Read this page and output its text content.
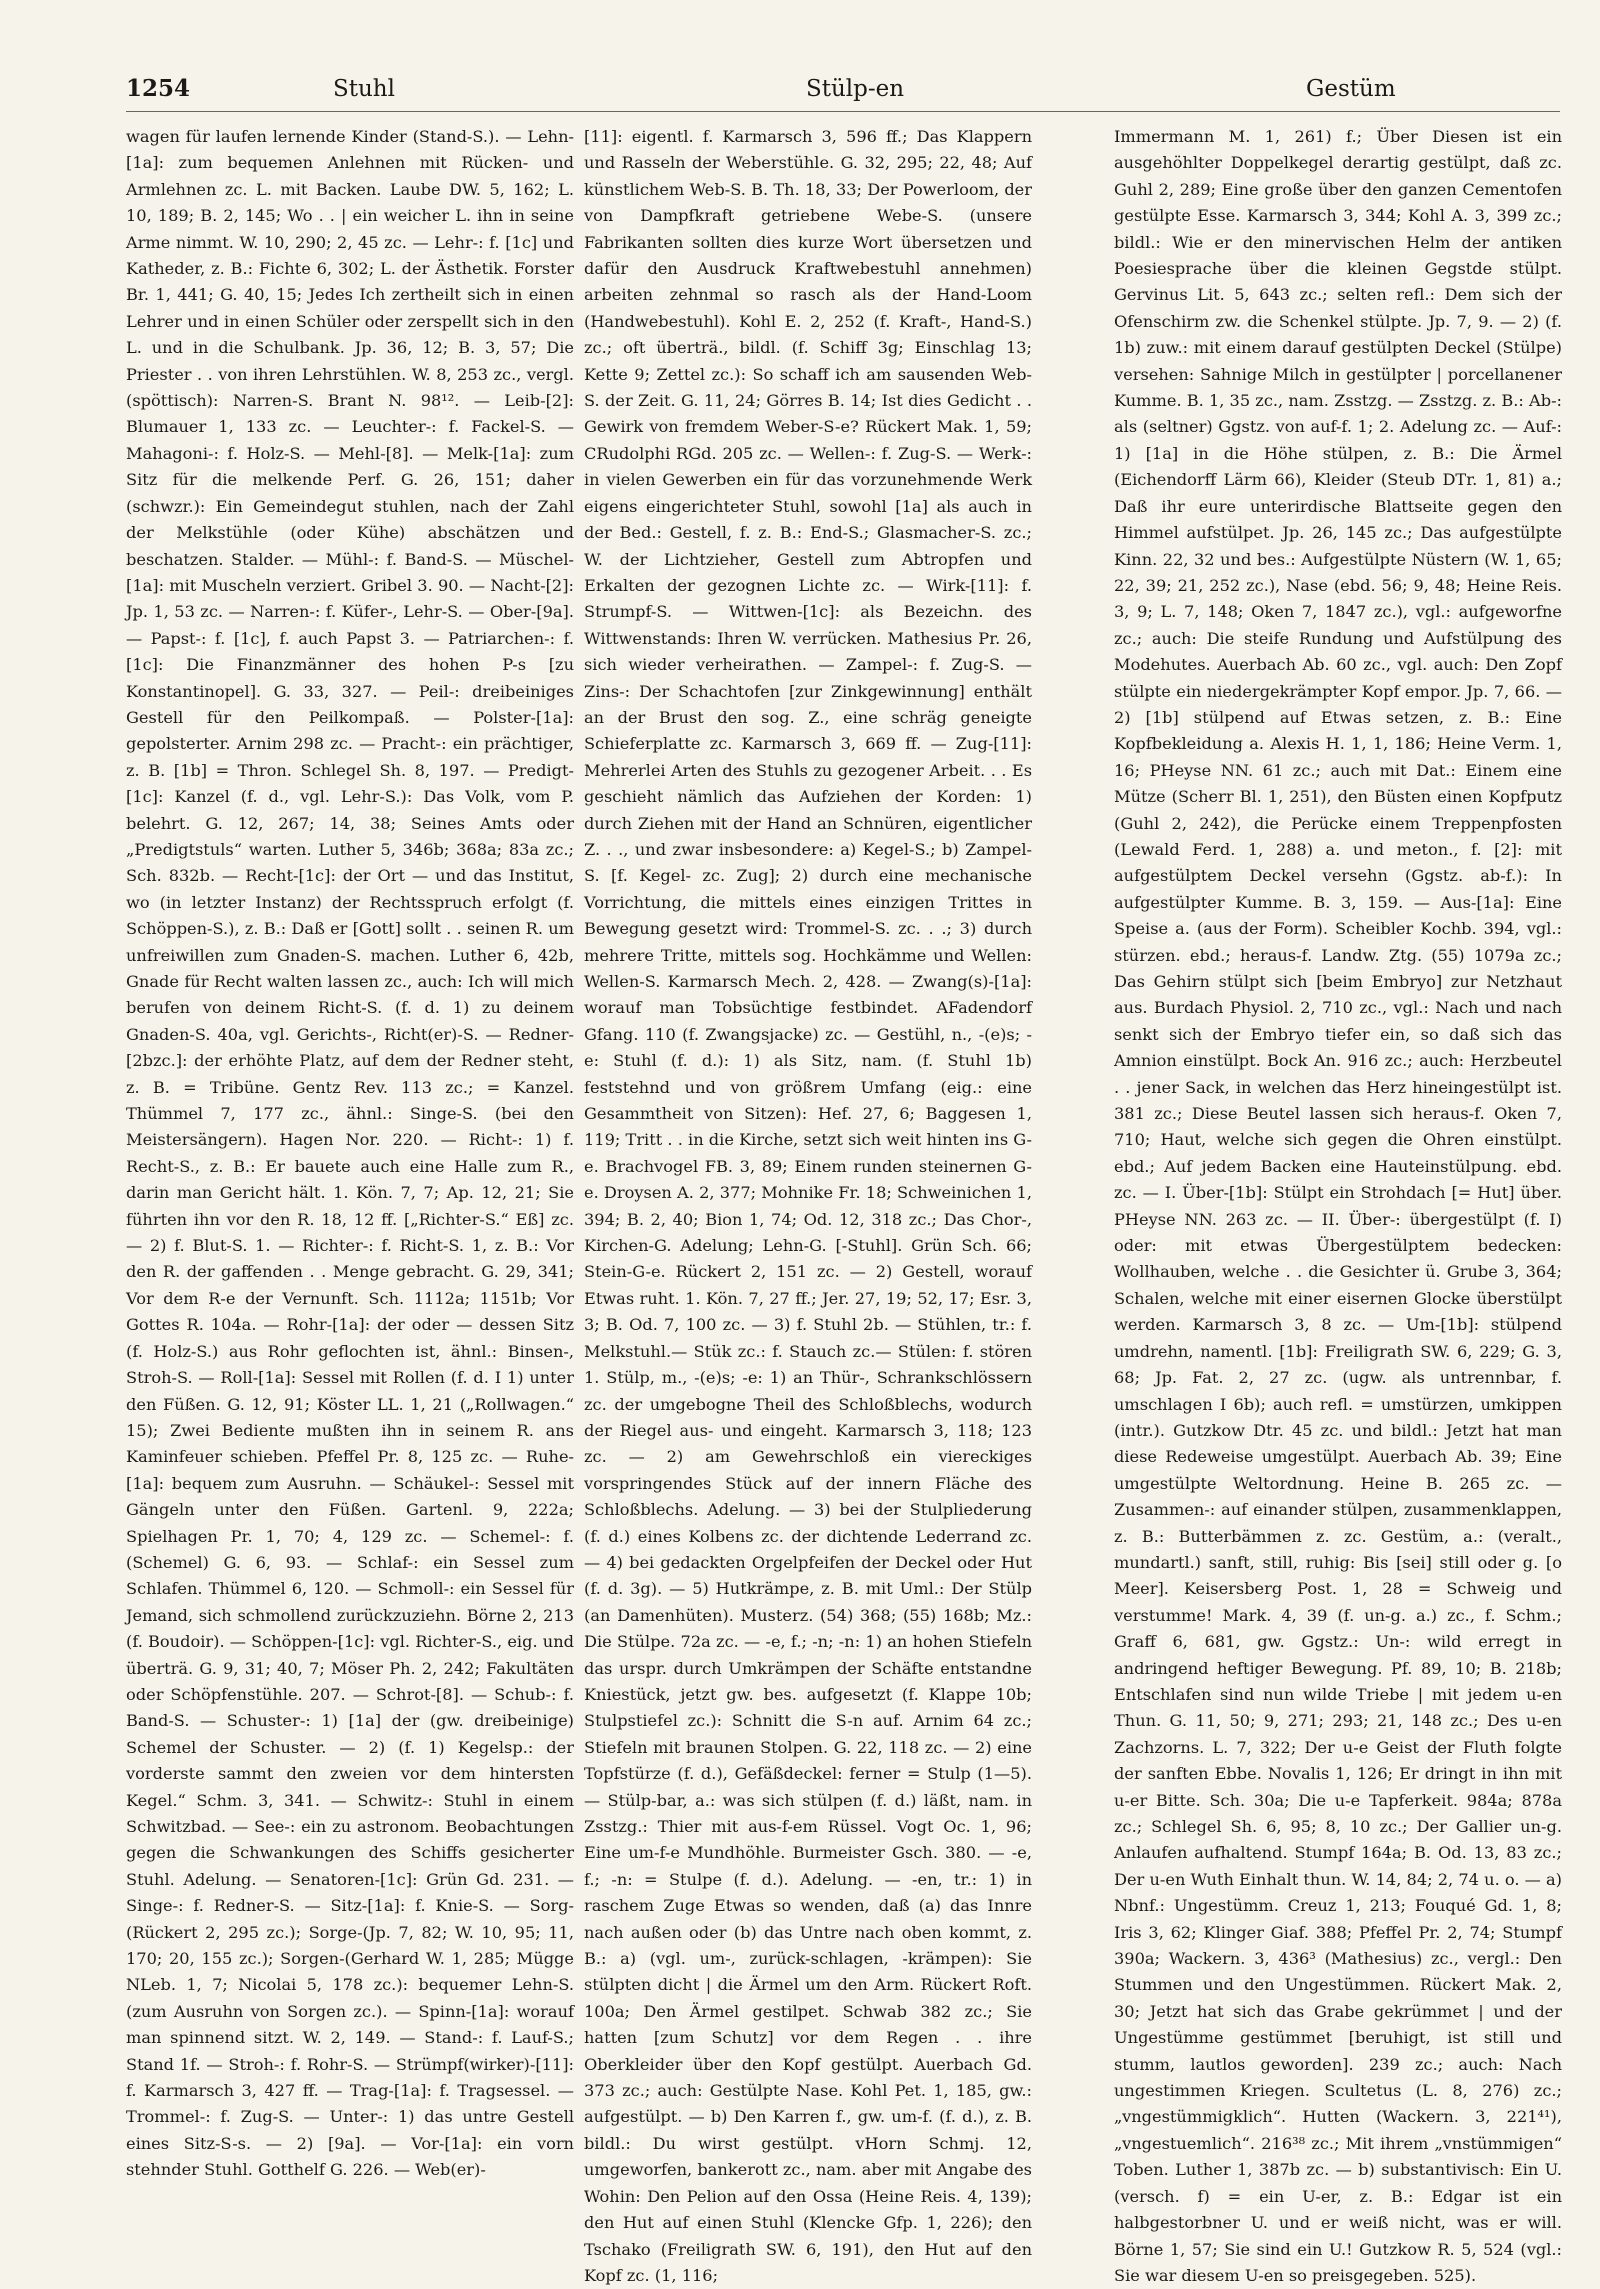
1254	Stuhl	Stülp-en	Gestüm

wagen für laufen lernende Kinder (Stand-S.). — Lehn-[1a]: zum bequemen Anlehnen mit Rücken- und Armlehnen zc. L. mit Backen. Laube DW. 5, 162; L. 10, 189; B. 2, 145; Wo . . | ein weicher L. ihn in seine Arme nimmt. W. 10, 290; 2, 45 zc. — Lehr-: f. [1c] und Katheder, z. B.: Fichte 6, 302; L. der Ästhetik. Forster Br. 1, 441; G. 40, 15; Jedes Ich zertheilt sich in einen Lehrer und in einen Schüler oder zerspellt sich in den L. und in die Schulbank. Jp. 36, 12; B. 3, 57; Die Priester . . von ihren Lehrstühlen. W. 8, 253 zc., vergl. (spöttisch): Narren-S. Brant N. 98¹². — Leib-[2]: Blumauer 1, 133 zc. — Leuchter-: f. Fackel-S. — Mahagoni-: f. Holz-S. — Mehl-[8]. — Melk-[1a]: zum Sitz für die melkende Perf. G. 26, 151; daher (schwzr.): Ein Gemeindegut stuhlen, nach der Zahl der Melkstühle (oder Kühe) abschätzen und beschatzen. Stalder. — Mühl-: f. Band-S. — Müschel-[1a]: mit Muscheln verziert. Gribel 3. 90. — Nacht-[2]: Jp. 1, 53 zc. — Narren-: f. Küfer-, Lehr-S. — Ober-[9a]. — Papst-: f. [1c], f. auch Papst 3. — Patriarchen-: f. [1c]: Die Finanzmänner des hohen P-s [zu Konstantinopel]. G. 33, 327. — Peil-: dreibeiniges Gestell für den Peilkompaß. — Polster-[1a]: gepolsterter. Arnim 298 zc. — Pracht-: ein prächtiger, z. B. [1b] = Thron. Schlegel Sh. 8, 197. — Predigt-[1c]: Kanzel (f. d., vgl. Lehr-S.): Das Volk, vom P. belehrt. G. 12, 267; 14, 38; Seines Amts oder „Predigtstuls“ warten. Luther 5, 346b; 368a; 83a zc.; Sch. 832b. — Recht-[1c]: der Ort — und das Institut, wo (in letzter Instanz) der Rechtsspruch erfolgt (f. Schöppen-S.), z. B.: Daß er [Gott] sollt . . seinen R. um unfreiwillen zum Gnaden-S. machen. Luther 6, 42b, Gnade für Recht walten lassen zc., auch: Ich will mich berufen von deinem Richt-S. (f. d. 1) zu deinem Gnaden-S. 40a, vgl. Gerichts-, Richt(er)-S. — Redner-[2bzc.]: der erhöhte Platz, auf dem der Redner steht, z. B. = Tribüne. Gentz Rev. 113 zc.; = Kanzel. Thümmel 7, 177 zc., ähnl.: Singe-S. (bei den Meistersängern). Hagen Nor. 220. — Richt-: 1) f. Recht-S., z. B.: Er bauete auch eine Halle zum R., darin man Gericht hält. 1. Kön. 7, 7; Ap. 12, 21; Sie führten ihn vor den R. 18, 12 ff. [„Richter-S.“ Eß] zc. — 2) f. Blut-S. 1. — Richter-: f. Richt-S. 1, z. B.: Vor den R. der gaffenden . . Menge gebracht. G. 29, 341; Vor dem R-e der Vernunft. Sch. 1112a; 1151b; Vor Gottes R. 104a. — Rohr-[1a]: der oder — dessen Sitz (f. Holz-S.) aus Rohr geflochten ist, ähnl.: Binsen-, Stroh-S. — Roll-[1a]: Sessel mit Rollen (f. d. I 1) unter den Füßen. G. 12, 91; Köster LL. 1, 21 („Rollwagen.“ 15); Zwei Bediente mußten ihn in seinem R. ans Kaminfeuer schieben. Pfeffel Pr. 8, 125 zc. — Ruhe-[1a]: bequem zum Ausruhn. — Schäukel-: Sessel mit Gängeln unter den Füßen. Gartenl. 9, 222a; Spielhagen Pr. 1, 70; 4, 129 zc. — Schemel-: f. (Schemel) G. 6, 93. — Schlaf-: ein Sessel zum Schlafen. Thümmel 6, 120. — Schmoll-: ein Sessel für Jemand, sich schmollend zurückzuziehn. Börne 2, 213 (f. Boudoir). — Schöppen-[1c]: vgl. Richter-S., eig. und überträ. G. 9, 31; 40, 7; Möser Ph. 2, 242; Fakultäten oder Schöpfenstühle. 207. — Schrot-[8]. — Schub-: f. Band-S. — Schuster-: 1) [1a] der (gw. dreibeinige) Schemel der Schuster. — 2) (f. 1) Kegelsp.: der vorderste sammt den zweien vor dem hintersten Kegel.“ Schm. 3, 341. — Schwitz-: Stuhl in einem Schwitzbad. — See-: ein zu astronom. Beobachtungen gegen die Schwankungen des Schiffs gesicherter Stuhl. Adelung. — Senatoren-[1c]: Grün Gd. 231. — Singe-: f. Redner-S. — Sitz-[1a]: f. Knie-S. — Sorg-(Rückert 2, 295 zc.); Sorge-(Jp. 7, 82; W. 10, 95; 11, 170; 20, 155 zc.); Sorgen-(Gerhard W. 1, 285; Mügge NLeb. 1, 7; Nicolai 5, 178 zc.): bequemer Lehn-S. (zum Ausruhn von Sorgen zc.). — Spinn-[1a]: worauf man spinnend sitzt. W. 2, 149. — Stand-: f. Lauf-S.; Stand 1f. — Stroh-: f. Rohr-S. — Strümpf(wirker)-[11]: f. Karmarsch 3, 427 ff. — Trag-[1a]: f. Tragsessel. — Trommel-: f. Zug-S. — Unter-: 1) das untre Gestell eines Sitz-S-s. — 2) [9a]. — Vor-[1a]: ein vorn stehnder Stuhl. Gotthelf G. 226. — Web(er)-

[11]: eigentl. f. Karmarsch 3, 596 ff.; Das Klappern und Rasseln der Weberstühle. G. 32, 295; 22, 48; Auf künstlichem Web-S. B. Th. 18, 33; Der Powerloom, der von Dampfkraft getriebene Webe-S. (unsere Fabrikanten sollten dies kurze Wort übersetzen und dafür den Ausdruck Kraftwebestuhl annehmen) arbeiten zehnmal so rasch als der Hand-Loom (Handwebestuhl). Kohl E. 2, 252 (f. Kraft-, Hand-S.) zc.; oft überträ., bildl. (f. Schiff 3g; Einschlag 13; Kette 9; Zettel zc.): So schaff ich am sausenden Web-S. der Zeit. G. 11, 24; Görres B. 14; Ist dies Gedicht . . Gewirk von fremdem Weber-S-e? Rückert Mak. 1, 59; CRudolphi RGd. 205 zc. — Wellen-: f. Zug-S. — Werk-: in vielen Gewerben ein für das vorzunehmende Werk eigens eingerichteter Stuhl, sowohl [1a] als auch in der Bed.: Gestell, f. z. B.: End-S.; Glasmacher-S. zc.; W. der Lichtzieher, Gestell zum Abtropfen und Erkalten der gezognen Lichte zc. — Wirk-[11]: f. Strumpf-S. — Wittwen-[1c]: als Bezeichn. des Wittwenstands: Ihren W. verrücken. Mathesius Pr. 26, sich wieder verheirathen. — Zampel-: f. Zug-S. — Zins-: Der Schachtofen [zur Zinkgewinnung] enthält an der Brust den sog. Z., eine schräg geneigte Schieferplatte zc. Karmarsch 3, 669 ff. — Zug-[11]: Mehrerlei Arten des Stuhls zu gezogener Arbeit. . . Es geschieht nämlich das Aufziehen der Korden: 1) durch Ziehen mit der Hand an Schnüren, eigentlicher Z. . ., und zwar insbesondere: a) Kegel-S.; b) Zampel-S. [f. Kegel- zc. Zug]; 2) durch eine mechanische Vorrichtung, die mittels eines einzigen Trittes in Bewegung gesetzt wird: Trommel-S. zc. . .; 3) durch mehrere Tritte, mittels sog. Hochkämme und Wellen: Wellen-S. Karmarsch Mech. 2, 428. — Zwang(s)-[1a]: worauf man Tobsüchtige festbindet. AFadendorf Gfang. 110 (f. Zwangsjacke) zc. — Gestühl, n., -(e)s; -e: Stuhl (f. d.): 1) als Sitz, nam. (f. Stuhl 1b) feststehnd und von größrem Umfang (eig.: eine Gesammtheit von Sitzen): Hef. 27, 6; Baggesen 1, 119; Tritt . . in die Kirche, setzt sich weit hinten ins G-e. Brachvogel FB. 3, 89; Einem runden steinernen G-e. Droysen A. 2, 377; Mohnike Fr. 18; Schweinichen 1, 394; B. 2, 40; Bion 1, 74; Od. 12, 318 zc.; Das Chor-, Kirchen-G. Adelung; Lehn-G. [-Stuhl]. Grün Sch. 66; Stein-G-e. Rückert 2, 151 zc. — 2) Gestell, worauf Etwas ruht. 1. Kön. 7, 27 ff.; Jer. 27, 19; 52, 17; Esr. 3, 3; B. Od. 7, 100 zc. — 3) f. Stuhl 2b. — Stühlen, tr.: f. Melkstuhl.— Stük zc.: f. Stauch zc.— Stülen: f. stören 1. Stülp, m., -(e)s; -e: 1) an Thür-, Schrankschlössern zc. der umgebogne Theil des Schloßblechs, wodurch der Riegel aus- und eingeht. Karmarsch 3, 118; 123 zc. — 2) am Gewehrschloß ein viereckiges vorspringendes Stück auf der innern Fläche des Schloßblechs. Adelung. — 3) bei der Stulpliederung (f. d.) eines Kolbens zc. der dichtende Lederrand zc. — 4) bei gedackten Orgelpfeifen der Deckel oder Hut (f. d. 3g). — 5) Hutkrämpe, z. B. mit Uml.: Der Stülp (an Damenhüten). Musterz. (54) 368; (55) 168b; Mz.: Die Stülpe. 72a zc. — -e, f.; -n; -n: 1) an hohen Stiefeln das urspr. durch Umkrämpen der Schäfte entstandne Kniestück, jetzt gw. bes. aufgesetzt (f. Klappe 10b; Stulpstiefel zc.): Schnitt die S-n auf. Arnim 64 zc.; Stiefeln mit braunen Stolpen. G. 22, 118 zc. — 2) eine Topfstürze (f. d.), Gefäßdeckel: ferner = Stulp (1—5). — Stülp-bar, a.: was sich stülpen (f. d.) läßt, nam. in Zsstzg.: Thier mit aus-f-em Rüssel. Vogt Oc. 1, 96; Eine um-f-e Mundhöhle. Burmeister Gsch. 380. — -e, f.; -n: = Stulpe (f. d.). Adelung. — -en, tr.: 1) in raschem Zuge Etwas so wenden, daß (a) das Innre nach außen oder (b) das Untre nach oben kommt, z. B.: a) (vgl. um-, zurück-schlagen, -krämpen): Sie stülpten dicht | die Ärmel um den Arm. Rückert Roft. 100a; Den Ärmel gestilpet. Schwab 382 zc.; Sie hatten [zum Schutz] vor dem Regen . . ihre Oberkleider über den Kopf gestülpt. Auerbach Gd. 373 zc.; auch: Gestülpte Nase. Kohl Pet. 1, 185, gw.: aufgestülpt. — b) Den Karren f., gw. um-f. (f. d.), z. B. bildl.: Du wirst gestülpt. vHorn Schmj. 12, umgeworfen, bankerott zc., nam. aber mit Angabe des Wohin: Den Pelion auf den Ossa (Heine Reis. 4, 139); den Hut auf einen Stuhl (Klencke Gfp. 1, 226); den Tschako (Freiligrath SW. 6, 191), den Hut auf den Kopf zc. (1, 116;

Immermann M. 1, 261) f.; Über Diesen ist ein ausgehöhlter Doppelkegel derartig gestülpt, daß zc. Guhl 2, 289; Eine große über den ganzen Cementofen gestülpte Esse. Karmarsch 3, 344; Kohl A. 3, 399 zc.; bildl.: Wie er den minervischen Helm der antiken Poesiesprache über die kleinen Gegstde stülpt. Gervinus Lit. 5, 643 zc.; selten refl.: Dem sich der Ofenschirm zw. die Schenkel stülpte. Jp. 7, 9. — 2) (f. 1b) zuw.: mit einem darauf gestülpten Deckel (Stülpe) versehen: Sahnige Milch in gestülpter | porcellanener Kumme. B. 1, 35 zc., nam. Zsstzg. — Zsstzg. z. B.: Ab-: als (seltner) Ggstz. von auf-f. 1; 2. Adelung zc. — Auf-: 1) [1a] in die Höhe stülpen, z. B.: Die Ärmel (Eichendorff Lärm 66), Kleider (Steub DTr. 1, 81) a.; Daß ihr eure unterirdische Blattseite gegen den Himmel aufstülpet. Jp. 26, 145 zc.; Das aufgestülpte Kinn. 22, 32 und bes.: Aufgestülpte Nüstern (W. 1, 65; 22, 39; 21, 252 zc.), Nase (ebd. 56; 9, 48; Heine Reis. 3, 9; L. 7, 148; Oken 7, 1847 zc.), vgl.: aufgeworfne zc.; auch: Die steife Rundung und Aufstülpung des Modehutes. Auerbach Ab. 60 zc., vgl. auch: Den Zopf stülpte ein niedergekrämpter Kopf empor. Jp. 7, 66. — 2) [1b] stülpend auf Etwas setzen, z. B.: Eine Kopfbekleidung a. Alexis H. 1, 1, 186; Heine Verm. 1, 16; PHeyse NN. 61 zc.; auch mit Dat.: Einem eine Mütze (Scherr Bl. 1, 251), den Büsten einen Kopfputz (Guhl 2, 242), die Perücke einem Treppenpfosten (Lewald Ferd. 1, 288) a. und meton., f. [2]: mit aufgestülptem Deckel versehn (Ggstz. ab-f.): In aufgestülpter Kumme. B. 3, 159. — Aus-[1a]: Eine Speise a. (aus der Form). Scheibler Kochb. 394, vgl.: stürzen. ebd.; heraus-f. Landw. Ztg. (55) 1079a zc.; Das Gehirn stülpt sich [beim Embryo] zur Netzhaut aus. Burdach Physiol. 2, 710 zc., vgl.: Nach und nach senkt sich der Embryo tiefer ein, so daß sich das Amnion einstülpt. Bock An. 916 zc.; auch: Herzbeutel . . jener Sack, in welchen das Herz hineingestülpt ist. 381 zc.; Diese Beutel lassen sich heraus-f. Oken 7, 710; Haut, welche sich gegen die Ohren einstülpt. ebd.; Auf jedem Backen eine Hauteinstülpung. ebd. zc. — I. Über-[1b]: Stülpt ein Strohdach [= Hut] über. PHeyse NN. 263 zc. — II. Über-: übergestülpt (f. I) oder: mit etwas Übergestülptem bedecken: Wollhauben, welche . . die Gesichter ü. Grube 3, 364; Schalen, welche mit einer eisernen Glocke überstülpt werden. Karmarsch 3, 8 zc. — Um-[1b]: stülpend umdrehn, namentl. [1b]: Freiligrath SW. 6, 229; G. 3, 68; Jp. Fat. 2, 27 zc. (ugw. als untrennbar, f. umschlagen I 6b); auch refl. = umstürzen, umkippen (intr.). Gutzkow Dtr. 45 zc. und bildl.: Jetzt hat man diese Redeweise umgestülpt. Auerbach Ab. 39; Eine umgestülpte Weltordnung. Heine B. 265 zc. — Zusammen-: auf einander stülpen, zusammenklappen, z. B.: Butterbämmen z. zc. Gestüm, a.: (veralt., mundartl.) sanft, still, ruhig: Bis [sei] still oder g. [o Meer]. Keisersberg Post. 1, 28 = Schweig und verstumme! Mark. 4, 39 (f. un-g. a.) zc., f. Schm.; Graff 6, 681, gw. Ggstz.: Un-: wild erregt in andringend heftiger Bewegung. Pf. 89, 10; B. 218b; Entschlafen sind nun wilde Triebe | mit jedem u-en Thun. G. 11, 50; 9, 271; 293; 21, 148 zc.; Des u-en Zachzorns. L. 7, 322; Der u-e Geist der Fluth folgte der sanften Ebbe. Novalis 1, 126; Er dringt in ihn mit u-er Bitte. Sch. 30a; Die u-e Tapferkeit. 984a; 878a zc.; Schlegel Sh. 6, 95; 8, 10 zc.; Der Gallier un-g. Anlaufen aufhaltend. Stumpf 164a; B. Od. 13, 83 zc.; Der u-en Wuth Einhalt thun. W. 14, 84; 2, 74 u. o. — a) Nbnf.: Ungestümm. Creuz 1, 213; Fouqué Gd. 1, 8; Iris 3, 62; Klinger Giaf. 388; Pfeffel Pr. 2, 74; Stumpf 390a; Wackern. 3, 436³ (Mathesius) zc., vergl.: Den Stummen und den Ungestümmen. Rückert Mak. 2, 30; Jetzt hat sich das Grabe gekrümmet | und der Ungestümme gestümmet [beruhigt, ist still und stumm, lautlos geworden]. 239 zc.; auch: Nach ungestimmen Kriegen. Scultetus (L. 8, 276) zc.; „vngestümmigklich“. Hutten (Wackern. 3, 221⁴¹), „vngestuemlich“. 216³⁸ zc.; Mit ihrem „vnstümmigen“ Toben. Luther 1, 387b zc. — b) substantivisch: Ein U. (versch. f) = ein U-er, z. B.: Edgar ist ein halbgestorbner U. und er weiß nicht, was er will. Börne 1, 57; Sie sind ein U.! Gutzkow R. 5, 524 (vgl.: Sie war diesem U-en so preisgegeben. 525).
